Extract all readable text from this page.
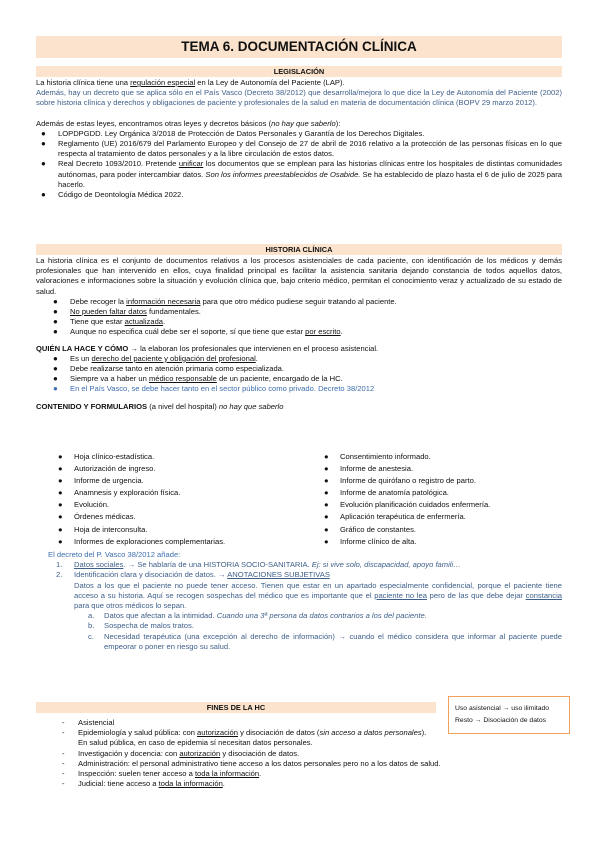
TEMA 6. DOCUMENTACIÓN CLÍNICA
LEGISLACIÓN
La historia clínica tiene una regulación especial en la Ley de Autonomía del Paciente (LAP).
Además, hay un decreto que se aplica sólo en el País Vasco (Decreto 38/2012) que desarrolla/mejora lo que dice la Ley de Autonomía del Paciente (2002) sobre historia clínica y derechos y obligaciones de paciente y profesionales de la salud en materia de documentación clínica (BOPV 29 marzo 2012).
Además de estas leyes, encontramos otras leyes y decretos básicos (no hay que saberlo):
● LOPDPGDD. Ley Orgánica 3/2018 de Protección de Datos Personales y Garantía de los Derechos Digitales.
● Reglamento (UE) 2016/679 del Parlamento Europeo y del Consejo de 27 de abril de 2016 relativo a la protección de las personas físicas en lo que respecta al tratamiento de datos personales y a la libre circulación de estos datos.
● Real Decreto 1093/2010. Pretende unificar los documentos que se emplean para las historias clínicas entre los hospitales de distintas comunidades autónomas, para poder intercambiar datos. Son los informes preestablecidos de Osabide. Se ha establecido de plazo hasta el 6 de julio de 2025 para hacerlo.
● Código de Deontología Médica 2022.
HISTORIA CLÍNICA
La historia clínica es el conjunto de documentos relativos a los procesos asistenciales de cada paciente, con identificación de los médicos y demás profesionales que han intervenido en ellos, cuya finalidad principal es facilitar la asistencia sanitaria dejando constancia de todos aquellos datos, valoraciones e informaciones sobre la situación y evolución clínica que, bajo criterio médico, permitan el conocimiento veraz y actualizado de su estado de salud.
● Debe recoger la información necesaria para que otro médico pudiese seguir tratando al paciente.
● No pueden faltar datos fundamentales.
● Tiene que estar actualizada.
● Aunque no especifica cuál debe ser el soporte, sí que tiene que estar por escrito.
QUIÉN LA HACE Y CÓMO → la elaboran los profesionales que intervienen en el proceso asistencial.
● Es un derecho del paciente y obligación del profesional.
● Debe realizarse tanto en atención primaria como especializada.
● Siempre va a haber un médico responsable de un paciente, encargado de la HC.
● En el País Vasco, se debe hacer tanto en el sector público como privado. Decreto 38/2012
CONTENIDO Y FORMULARIOS (a nivel del hospital) no hay que saberlo
● Hoja clínico-estadística.
● Autorización de ingreso.
● Informe de urgencia.
● Anamnesis y exploración física.
● Evolución.
● Órdenes médicas.
● Hoja de interconsulta.
● Informes de exploraciones complementarias.
● Consentimiento informado.
● Informe de anestesia.
● Informe de quirófano o registro de parto.
● Informe de anatomía patológica.
● Evolución planificación cuidados enfermería.
● Aplicación terapéutica de enfermería.
● Gráfico de constantes.
● Informe clínico de alta.
El decreto del P. Vasco 38/2012 añade:
1. Datos sociales. → Se hablaría de una HISTORIA SOCIO-SANITARIA. Ej: si vive solo, discapacidad, apoyo famili…
2. Identificación clara y disociación de datos. → ANOTACIONES SUBJETIVAS
Datos a los que el paciente no puede tener acceso. Tienen que estar en un apartado especialmente confidencial, porque el paciente tiene acceso a su historia. Aquí se recogen sospechas del médico que es importante que el paciente no lea pero de las que debe dejar constancia para que otros médicos lo sepan.
a. Datos que afectan a la intimidad. Cuando una 3ª persona da datos contrarios a los del paciente.
b. Sospecha de malos tratos.
c. Necesidad terapéutica (una excepción al derecho de información) → cuando el médico considera que informar al paciente puede empeorar o poner en riesgo su salud.
FINES DE LA HC	Uso asistencial → uso ilimitado
Resto → Disociación de datos
- Asistencial
- Epidemiología y salud pública: con autorización y disociación de datos (sin acceso a datos personales).
En salud pública, en caso de epidemia sí necesitan datos personales.
- Investigación y docencia: con autorización y disociación de datos.
- Administración: el personal administrativo tiene acceso a los datos personales pero no a los datos de salud.
- Inspección: suelen tener acceso a toda la información.
- Judicial: tiene acceso a toda la información.
